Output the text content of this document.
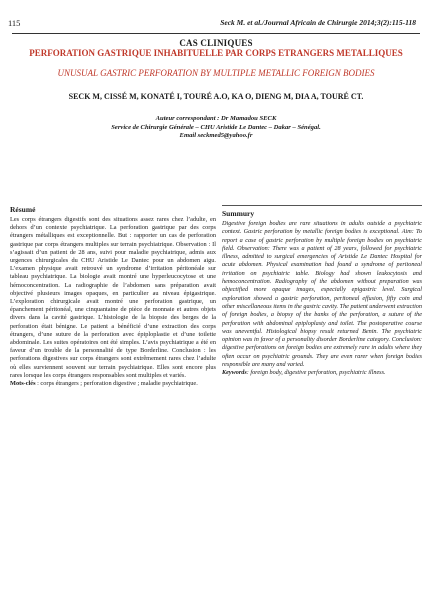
115	Seck M. et al./Journal Africain de Chirurgie 2014;3(2):115-118
CAS CLINIQUES
PERFORATION GASTRIQUE INHABITUELLE PAR CORPS ETRANGERS METALLIQUES
UNUSUAL GASTRIC PERFORATION BY MULTIPLE METALLIC FOREIGN BODIES
SECK M, CISSÉ M, KONATÉ I, TOURÉ A.O, KA O, DIENG M, DIA A, TOURÉ CT.
Auteur correspondant : Dr Mamadou SECK
Service de Chirurgie Générale – CHU Aristide Le Dantec – Dakar – Sénégal.
Email seckmed5@yahoo.fr
Résumé

Les corps étrangers digestifs sont des situations assez rares chez l’adulte, en dehors d’un contexte psychiatrique. La perforation gastrique par des corps étrangers métalliques est exceptionnelle. But : rapporter un cas de perforation gastrique par corps étrangers multiples sur terrain psychiatrique. Observation : Il s’agissait d’un patient de 28 ans, suivi pour maladie psychiatrique, admis aux urgences chirurgicales du CHU Aristide Le Dantec pour un abdomen aigu. L’examen physique avait retrouvé un syndrome d’irritation péritonéale sur tableau psychiatrique. La biologie avait montré une hyperleucocytose et une hémoconcentration. La radiographie de l’abdomen sans préparation avait objectivé plusieurs images opaques, en particulier au niveau épigastrique. L’exploration chirurgicale avait montré une perforation gastrique, un épanchement péritonéal, une cinquantaine de pièce de monnaie et autres objets divers dans la cavité gastrique. L’histologie de la biopsie des berges de la perforation était bénigne. Le patient a bénéficié d’une extraction des corps étrangers, d’une suture de la perforation avec épiploplastie et d’une toilette abdominale. Les suites opératoires ont été simples. L’avis psychiatrique a été en faveur d’un trouble de la personnalité de type Borderline. Conclusion : les perforations digestives sur corps étrangers sont extrêmement rares chez l’adulte où elles surviennent souvent sur terrain psychiatrique. Elles sont encore plus rares lorsque les corps étrangers responsables sont multiples et variés.

Mots-clés : corps étrangers ; perforation digestive ; maladie psychiatrique.

Summury

Digestive foreign bodies are rare situations in adults outside a psychiatric context. Gastric perforation by metallic foreign bodies is exceptional. Aim: To report a case of gastric perforation by multiple foreign bodies on psychiatric field. Observation: There was a patient of 28 years, followed for psychiatric illness, admitted to surgical emergencies of Aristide Le Dantec Hospital for acute abdomen. Physical examination had found a syndrome of peritoneal irritation on psychiatric table. Biology had shown leukocytosis and hemoconcentration. Radiography of the abdomen without preparation was objectified more opaque images, especially epigastric level. Surgical exploration showed a gastric perforation, peritoneal effusion, fifty coin and other miscellaneous items in the gastric cavity. The patient underwent extraction of foreign bodies, a biopsy of the banks of the perforation, a suture of the perforation with abdominal epiploplasty and toilet. The postoperative course was uneventful. Histological biopsy result returned Benin. The psychiatric opinion was in favor of a personality disorder Borderline category. Conclusion: digestive perforations on foreign bodies are extremely rare in adults where they often occur on psychiatric grounds. They are even rarer when foreign bodies responsible are many and varied.

Keywords: foreign body, digestive perforation, psychiatric illness.
